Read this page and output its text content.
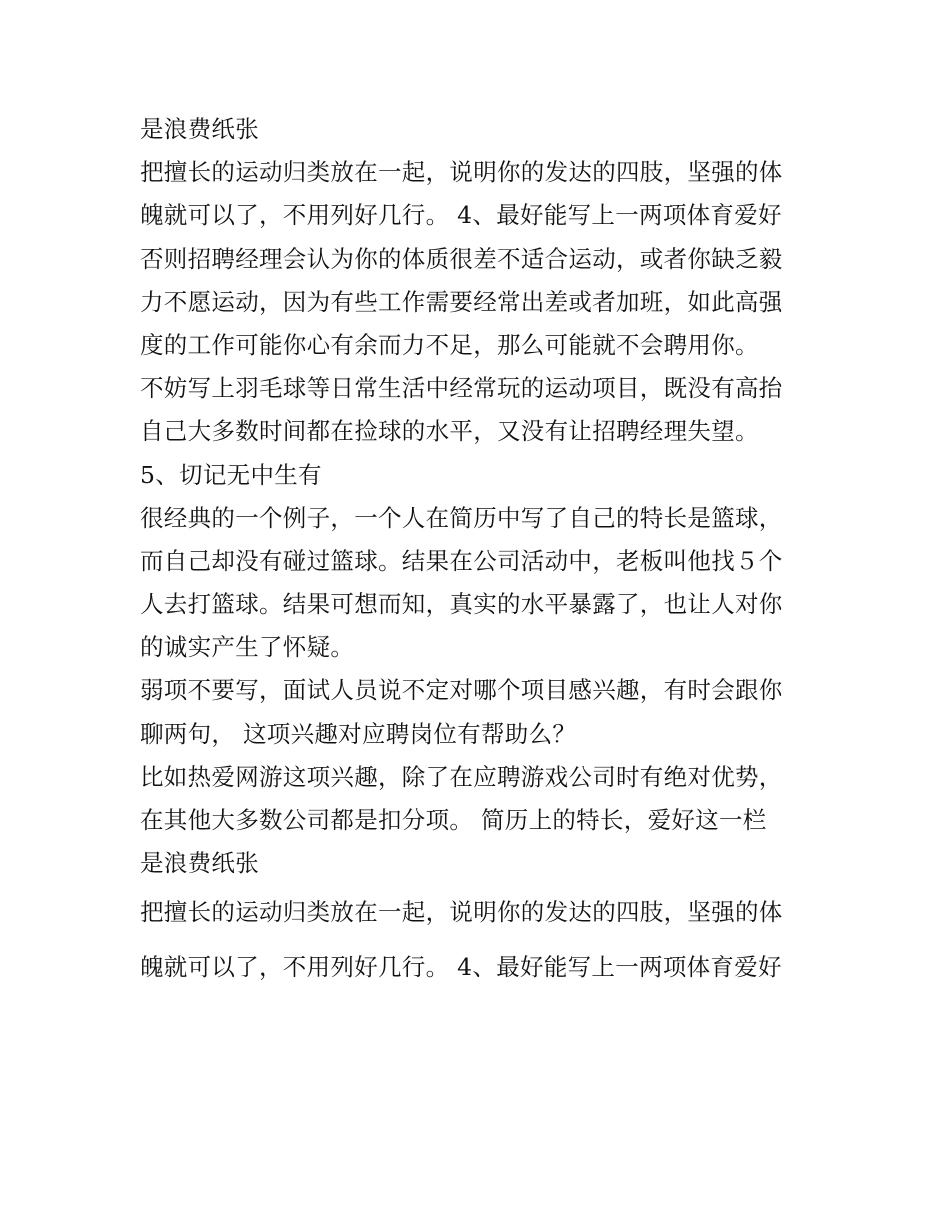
是浪费纸张
把擅长的运动归类放在一起，说明你的发达的四肢，坚强的体
魄就可以了，不用列好几行。 4、最好能写上一两项体育爱好
否则招聘经理会认为你的体质很差不适合运动，或者你缺乏毅
力不愿运动，因为有些工作需要经常出差或者加班，如此高强
度的工作可能你心有余而力不足，那么可能就不会聘用你。
不妨写上羽毛球等日常生活中经常玩的运动项目，既没有高抬
自己大多数时间都在捡球的水平，又没有让招聘经理失望。
5、切记无中生有
很经典的一个例子，一个人在简历中写了自己的特长是篮球，
而自己却没有碰过篮球。结果在公司活动中，老板叫他找５个
人去打篮球。结果可想而知，真实的水平暴露了，也让人对你
的诚实产生了怀疑。
弱项不要写，面试人员说不定对哪个项目感兴趣，有时会跟你
聊两句， 这项兴趣对应聘岗位有帮助么？
比如热爱网游这项兴趣，除了在应聘游戏公司时有绝对优势，
在其他大多数公司都是扣分项。 简历上的特长，爱好这一栏
是浪费纸张
把擅长的运动归类放在一起，说明你的发达的四肢，坚强的体
魄就可以了，不用列好几行。 4、最好能写上一两项体育爱好
